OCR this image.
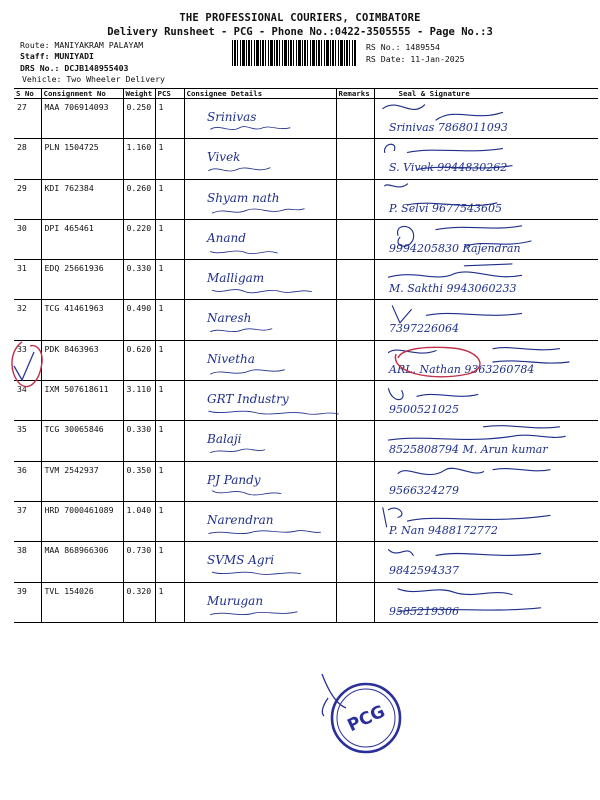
THE PROFESSIONAL COURIERS, COIMBATORE
Delivery Runsheet - PCG - Phone No.:0422-3505555 - Page No.:3
Route: MANIYAKRAM PALAYAM
Staff: MUNIYADI
DRS No.: DCJB148955403
Vehicle: Two Wheeler Delivery
RS No.: 1489554
RS Date: 11-Jan-2025
S No	Consignment No	Weight	PCS	Consignee Details	Remarks	Seal & Signature
27	MAA 706914093	0.250	1	Srinivas		Srinivas 7868011093

28	PLN 1504725	1.160	1	Vivek		S. Vivek 9944830262

29	KDI 762384	0.260	1	Shyam nath		P. Selvi 9677543605

30	DPI 465461	0.220	1	Anand		9994205830 Rajendran

31	EDQ 25661936	0.330	1	Malligam		M. Sakthi 9943060233

32	TCG 41461963	0.490	1	Naresh		7397226064

33	PDK 8463963	0.620	1	Nivetha		ARL. Nathan 9363260784

34	IXM 507618611	3.110	1	GRT Industry		9500521025

35	TCG 30065846	0.330	1	Balaji		8525808794 M. Arun kumar

36	TVM 2542937	0.350	1	PJ Pandy		9566324279

37	HRD 7000461089	1.040	1	Narendran		P. Nan 9488172772

38	MAA 868966306	0.730	1	SVMS Agri		9842594337

39	TVL 154026	0.320	1	Murugan		9585219306
PCG
